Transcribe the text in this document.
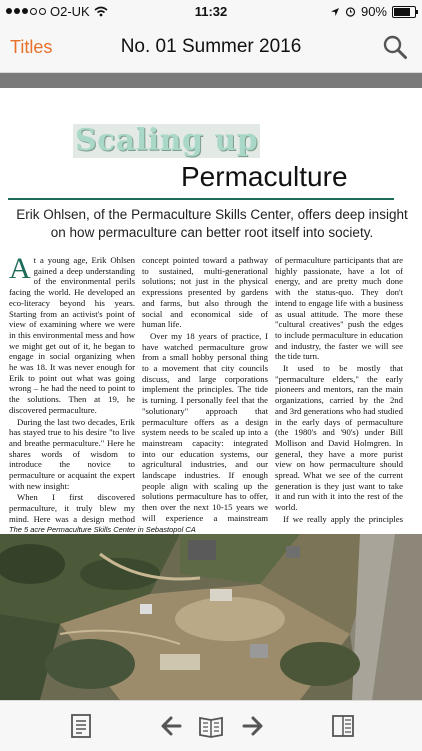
O2-UK	11:32	90%
Titles	No. 01 Summer 2016
Scaling up
Permaculture
Erik Ohlsen, of the Permaculture Skills Center, offers deep insight on how permaculture can better root itself into society.

At a young age, Erik Ohlsen gained a deep understanding of the environmental perils facing the world. He developed an eco-literacy beyond his years. Starting from an activist's point of view of examining where we were in this environmental mess and how we might get out of it, he began to engage in social organizing when he was 18. It was never enough for Erik to point out what was going wrong – he had the need to point to the solutions. Then at 19, he discovered permaculture.

During the last two decades, Erik has stayed true to his desire "to live and breathe permaculture." Here he shares words of wisdom to introduce the novice to permaculture or acquaint the expert with new insight:

When I first discovered permaculture, it truly blew my mind. Here was a design method

concept pointed toward a pathway to sustained, multi-generational solutions; not just in the physical expressions presented by gardens and farms, but also through the social and economical side of human life.

Over my 18 years of practice, I have watched permaculture grow from a small hobby personal thing to a movement that city councils discuss, and large corporations implement the principles. The tide is turning. I personally feel that the "solutionary" approach that permaculture offers as a design system needs to be scaled up into a mainstream capacity: integrated into our education systems, our agricultural industries, and our landscape industries. If enough people align with scaling up the solutions permaculture has to offer, then over the next 10-15 years we will experience a mainstream

of permaculture participants that are highly passionate, have a lot of energy, and are pretty much done with the status-quo. They don't intend to engage life with a business as usual attitude. The more these "cultural creatives" push the edges to include permaculture in education and industry, the faster we will see the tide turn.

It used to be mostly that "permaculture elders," the early pioneers and mentors, ran the main organizations, carried by the 2nd and 3rd generations who had studied in the early days of permaculture (the 1980's and '90's) under Bill Mollison and David Holmgren. In general, they have a more purist view on how permaculture should spread. What we see of the current generation is they just want to take it and run with it into the rest of the world.

If we really apply the principles

The 5 acre Permaculture Skills Center in Sebastopol CA
